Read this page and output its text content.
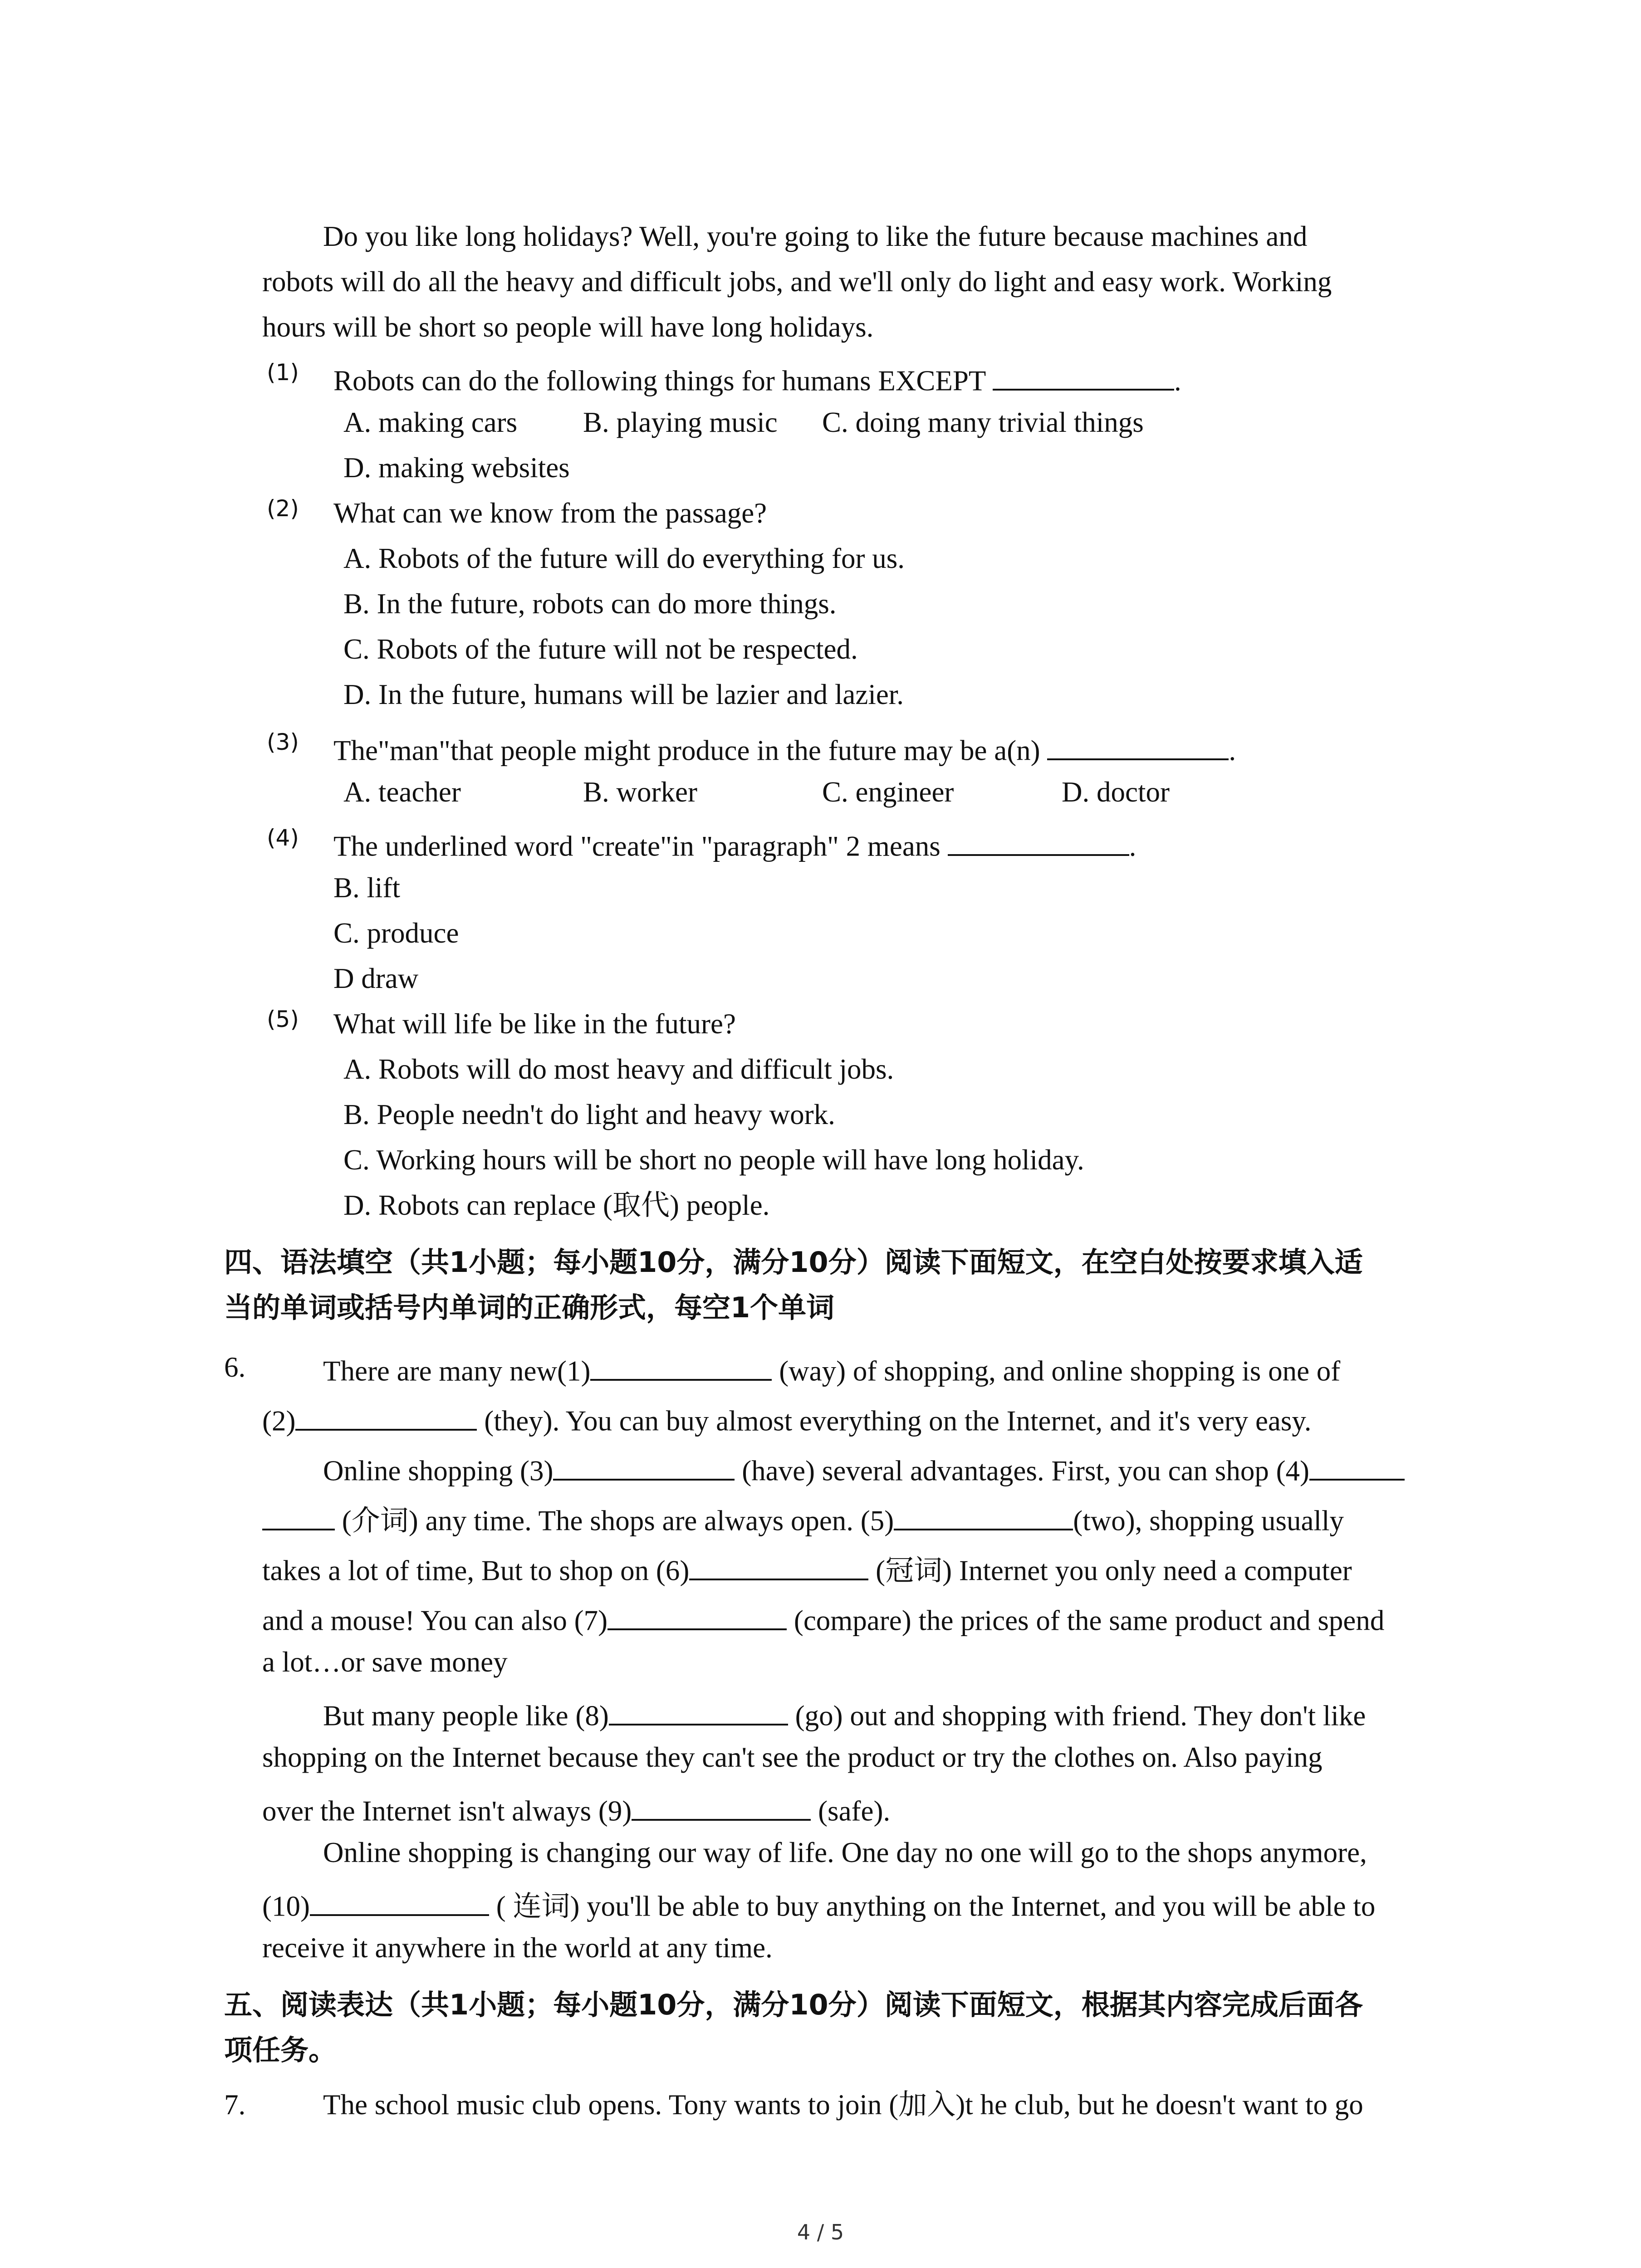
Do you like long holidays? Well, you're going to like the future because machines and

robots will do all the heavy and difficult jobs, and we'll only do light and easy work. Working

hours will be short so people will have long holidays.

(1) Robots can do the following things for humans EXCEPT	.

A. making cars B. playing music C. doing many trivial things
D. making websites
(2) What can we know from the passage?

A. Robots of the future will do everything for us.
B. In the future, robots can do more things.
C. Robots of the future will not be respected.
D. In the future, humans will be lazier and lazier.
(3) The"man"that people might produce in the future may be a(n)	.

A. teacher	B. worker	C. engineer	D. doctor
(4) The underlined word "create"in "paragraph" 2 means	.

B. lift
C. produce
D draw
(5) What will life be like in the future?

A. Robots will do most heavy and difficult jobs.
B. People needn't do light and heavy work.
C. Working hours will be short no people will have long holiday.
D. Robots can replace (取代) people.

四、语法填空（共1小题；每小题10分，满分10分）阅读下面短文，在空白处按要求填入适

当的单词或括号内单词的正确形式，每空1个单词

6.	There are many new(1)	(way) of shopping, and online shopping is one of

(2)	(they). You can buy almost everything on the Internet, and it's very easy.

Online shopping (3)	(have) several advantages. First, you can shop (4)

(介词) any time. The shops are always open. (5)	(two), shopping usually

takes a lot of time, But to shop on (6)	(冠词) Internet you only need a computer

and a mouse! You can also (7)	(compare) the prices of the same product and spend

a lot…or save money

But many people like (8)	(go) out and shopping with friend. They don't like

shopping on the Internet because they can't see the product or try the clothes on. Also paying

over the Internet isn't always (9)	(safe).

Online shopping is changing our way of life. One day no one will go to the shops anymore,

(10)	( 连词) you'll be able to buy anything on the Internet, and you will be able to

receive it anywhere in the world at any time.

五、阅读表达（共1小题；每小题10分，满分10分）阅读下面短文，根据其内容完成后面各

项任务。

7.	The school music club opens. Tony wants to join (加入)t he club, but he doesn't want to go

4 / 5
